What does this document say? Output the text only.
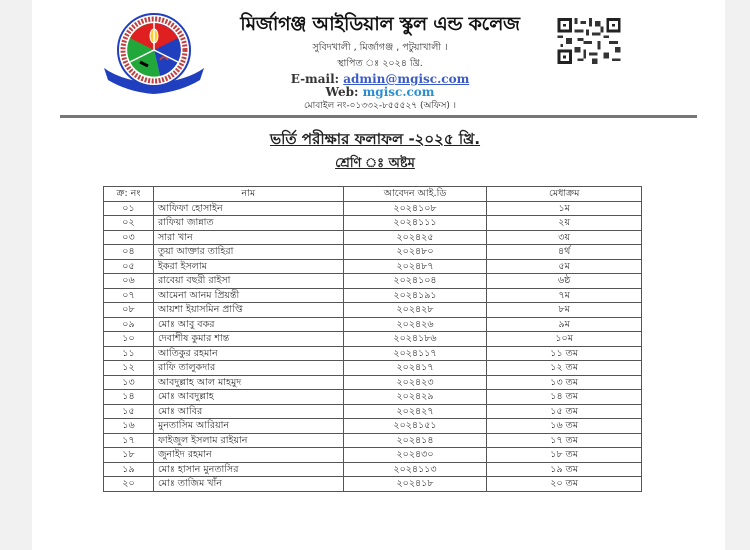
মির্জাগঞ্জ আইডিয়াল স্কুল এন্ড কলেজ
সুবিদখালী , মির্জাগঞ্জ , পটুয়াখালী ।
স্থাপিত ঃ ২০২৪ খ্রি.
E-mail: admin@mgisc.com
Web: mgisc.com
মোবাইল নং-০১৩৩২-৮৫৫৫২৭ (অফিস) ।
ভর্তি পরীক্ষার ফলাফল -২০২৫ খ্রি.
শ্রেণি ঃ অষ্টম
ক্র: নং	নাম	আবেদন আই.ডি	মেধাক্রম
০১	আফিফা হোসাইন	২০২৪১০৮	১ম
০২	রাফিয়া জান্নাত	২০২৪১১১	২য়
০৩	সারা খান	২০২৪২৫	৩য়
০৪	তুয়া আক্তার তাহিরা	২০২৪৮০	৪র্থ
০৫	ইকরা ইসলাম	২০২৪৮৭	৫ম
০৬	রাবেয়া বছরী রাইসা	২০২৪১০৪	৬ষ্ঠ
০৭	আমেনা আনম প্রিয়ন্তী	২০২৪১৯১	৭ম
০৮	আয়শা ইয়াসমিন প্রাপ্তি	২০২৪২৮	৮ম
০৯	মোঃ আবু বকর	২০২৪২৬	৯ম
১০	দেবাশীষ কুমার শান্ত	২০২৪১৮৬	১০ম
১১	আতিকুর রহমান	২০২৪১১৭	১১ তম
১২	রাফি তালুকদার	২০২৪১৭	১২ তম
১৩	আবদুল্লাহ আল মাহমুদ	২০২৪২৩	১৩ তম
১৪	মোঃ আবদুল্লাহ	২০২৪২৯	১৪ তম
১৫	মোঃ আবির	২০২৪২৭	১৫ তম
১৬	মুনতাসিম আরিয়ান	২০২৪১৫১	১৬ তম
১৭	ফাইজুল ইসলাম রাইয়ান	২০২৪১৪	১৭ তম
১৮	জুনাইদ রহমান	২০২৪৩০	১৮ তম
১৯	মোঃ হাসান মুনতাসির	২০২৪১১৩	১৯ তম
২০	মোঃ তাজিম খাঁন	২০২৪১৮	২০ তম
